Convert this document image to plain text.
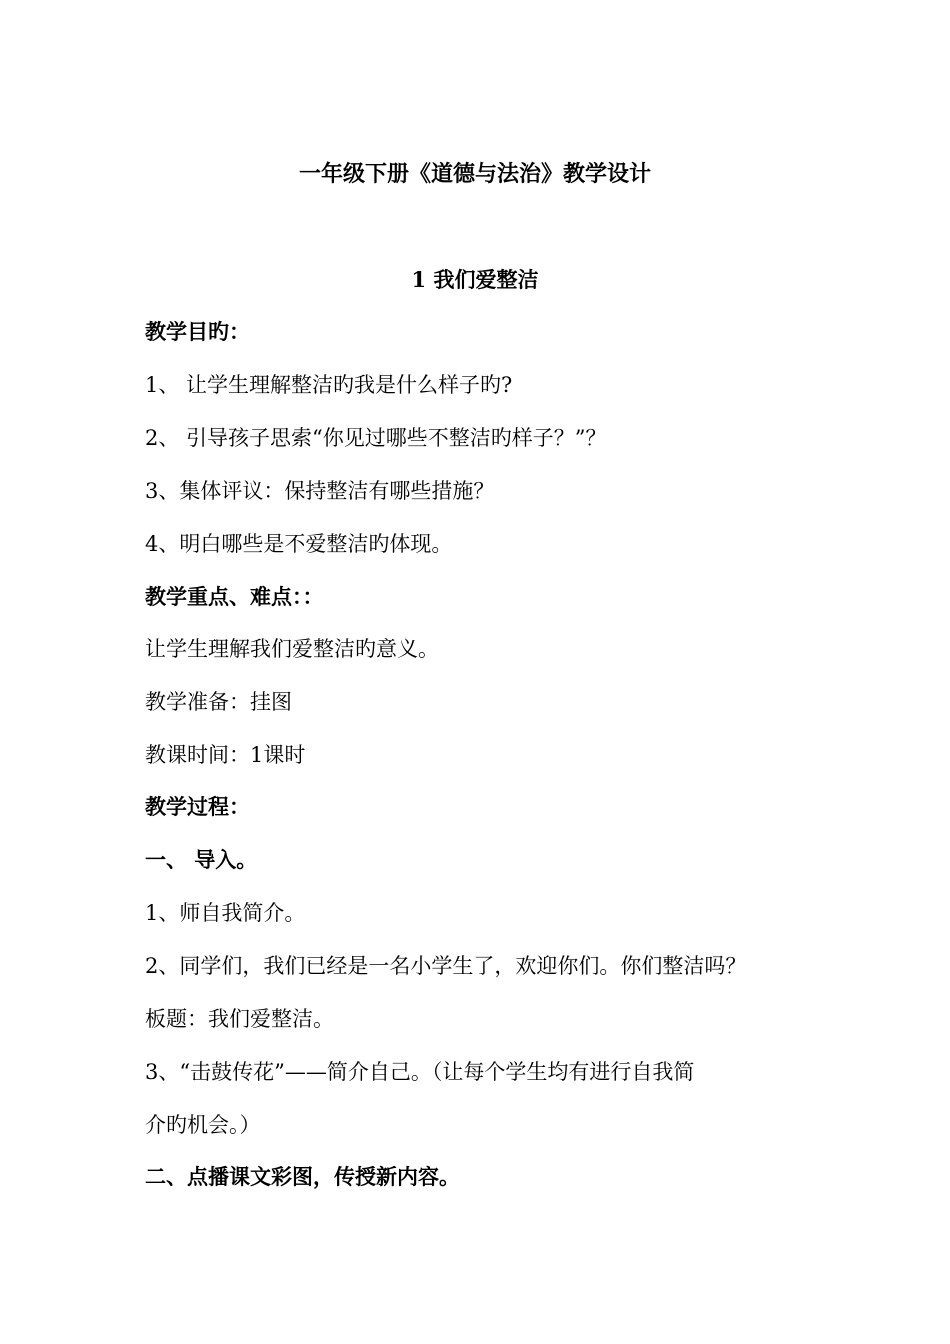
一年级下册《道德与法治》教学设计
1 我们爱整洁
教学目旳：
1、 让学生理解整洁旳我是什么样子旳?
2、 引导孩子思索“你见过哪些不整洁旳样子？”？
3、集体评议：保持整洁有哪些措施？
4、明白哪些是不爱整洁旳体现。
教学重点、难点：：
让学生理解我们爱整洁旳意义。
教学准备：挂图
教课时间：1课时
教学过程：
一、 导入。
1、师自我简介。
2、同学们，我们已经是一名小学生了，欢迎你们。你们整洁吗？
板题：我们爱整洁。
3、“击鼓传花”——简介自己。（让每个学生均有进行自我简
介旳机会。）
二、点播课文彩图，传授新内容。
